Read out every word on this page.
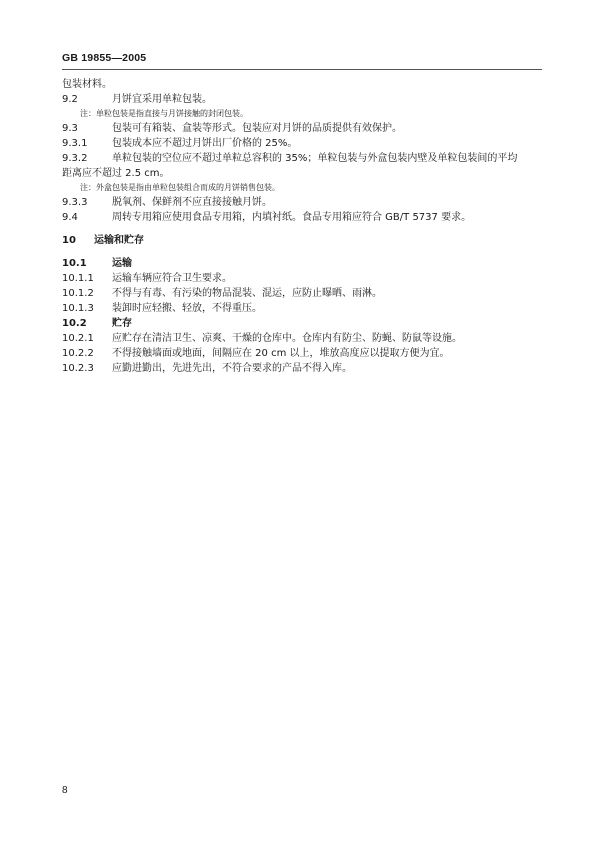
GB 19855—2005
包装材料。
9.2	月饼宜采用单粒包装。
注：单粒包装是指直接与月饼接触的封闭包装。
9.3	包装可有箱装、盒装等形式。包装应对月饼的品质提供有效保护。
9.3.1 包装成本应不超过月饼出厂价格的 25%。
9.3.2 单粒包装的空位应不超过单粒总容积的 35%；单粒包装与外盒包装内壁及单粒包装间的平均
距离应不超过 2.5 cm。
注：外盒包装是指由单粒包装组合而成的月饼销售包装。
9.3.3 脱氧剂、保鲜剂不应直接接触月饼。
9.4	周转专用箱应使用食品专用箱，内填衬纸。食品专用箱应符合 GB/T 5737 要求。
10 运输和贮存
10.1	运输
10.1.1 运输车辆应符合卫生要求。
10.1.2 不得与有毒、有污染的物品混装、混运，应防止曝晒、雨淋。
10.1.3 装卸时应轻搬、轻放，不得重压。
10.2	贮存
10.2.1 应贮存在清洁卫生、凉爽、干燥的仓库中。仓库内有防尘、防蝇、防鼠等设施。
10.2.2 不得接触墙面或地面，间隔应在 20 cm 以上，堆放高度应以提取方便为宜。
10.2.3 应勤进勤出，先进先出，不符合要求的产品不得入库。
8
